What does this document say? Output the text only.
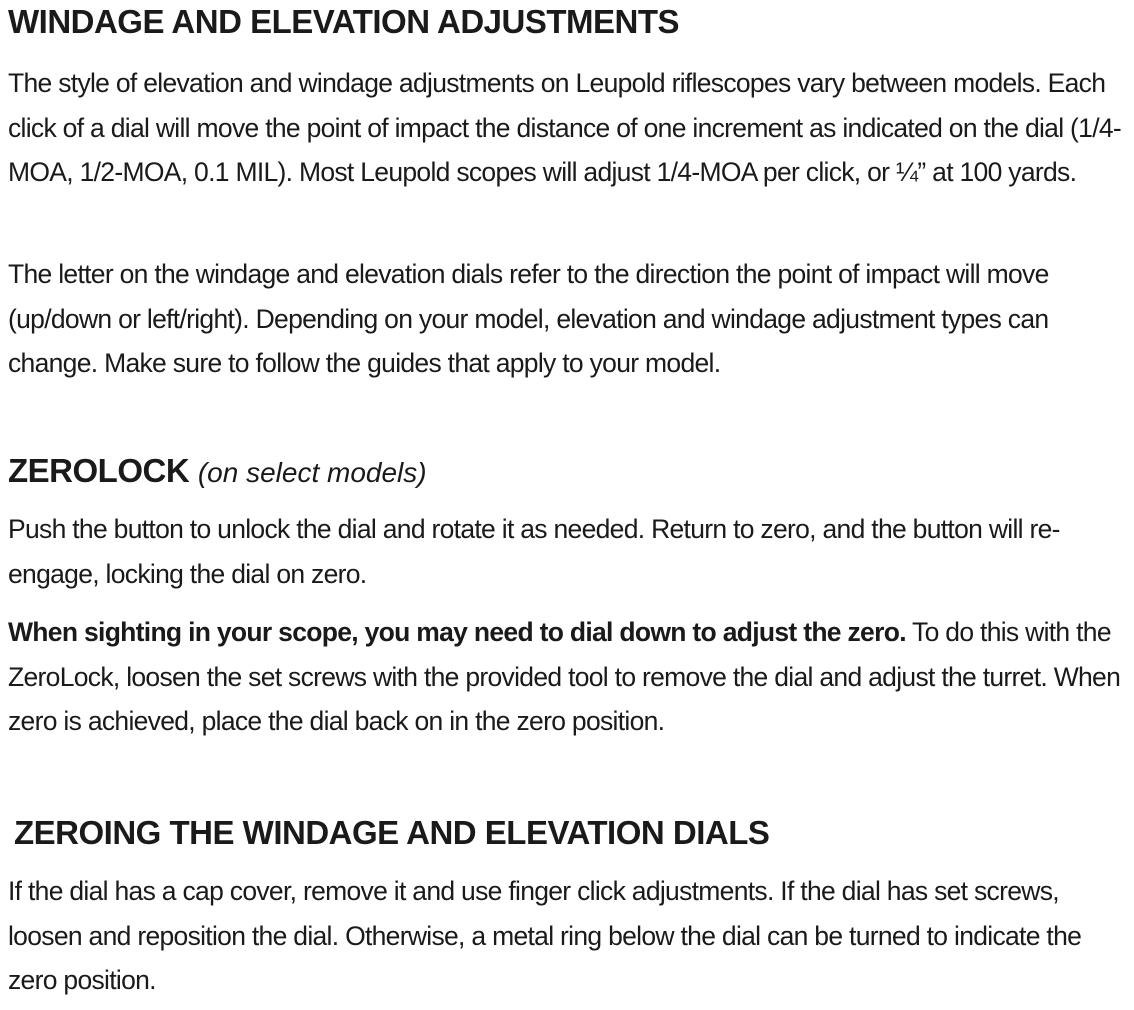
WINDAGE AND ELEVATION ADJUSTMENTS

The style of elevation and windage adjustments on Leupold riflescopes vary between models. Each click of a dial will move the point of impact the distance of one increment as indicated on the dial (1/4-MOA, 1/2-MOA, 0.1 MIL). Most Leupold scopes will adjust 1/4-MOA per click, or ¼” at 100 yards.

The letter on the windage and elevation dials refer to the direction the point of impact will move (up/down or left/right). Depending on your model, elevation and windage adjustment types can change. Make sure to follow the guides that apply to your model.

ZEROLOCK (on select models)

Push the button to unlock the dial and rotate it as needed. Return to zero, and the button will re-engage, locking the dial on zero.

When sighting in your scope, you may need to dial down to adjust the zero. To do this with the ZeroLock, loosen the set screws with the provided tool to remove the dial and adjust the turret. When zero is achieved, place the dial back on in the zero position.

ZEROING THE WINDAGE AND ELEVATION DIALS

If the dial has a cap cover, remove it and use finger click adjustments. If the dial has set screws, loosen and reposition the dial. Otherwise, a metal ring below the dial can be turned to indicate the zero position.
